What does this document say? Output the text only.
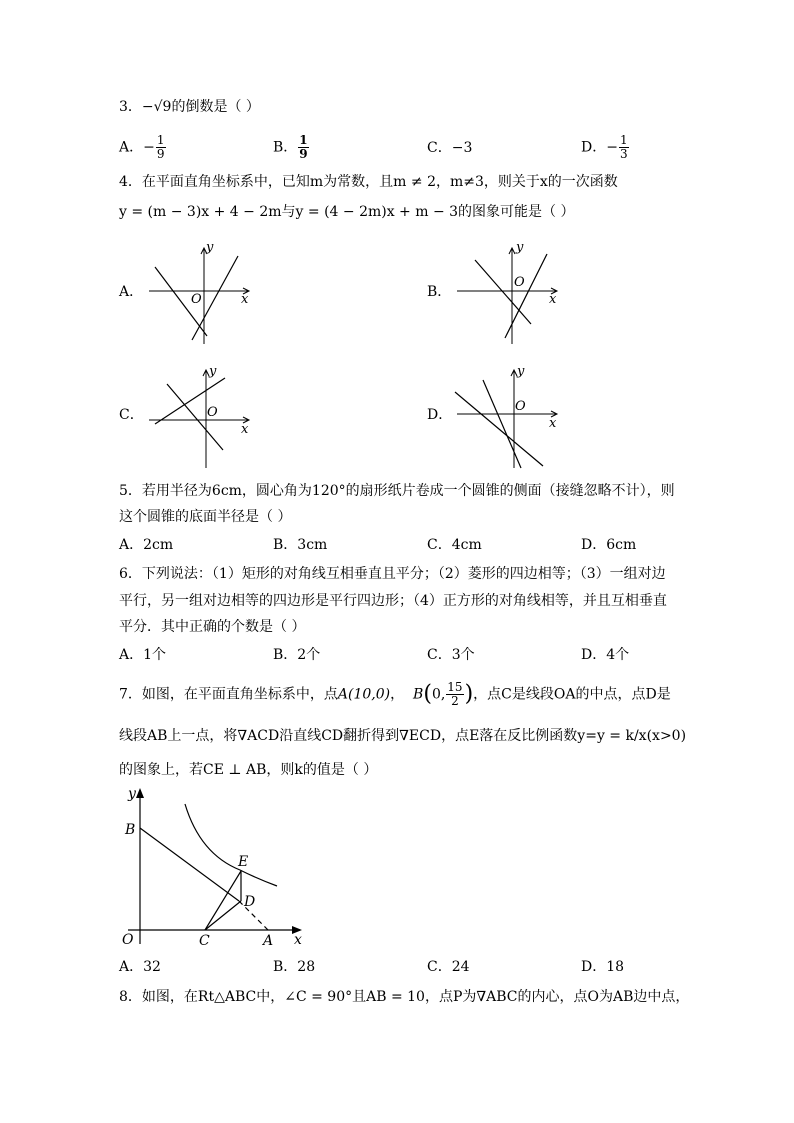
3．−√9的倒数是（ ）
A．− $\frac{1}{9}$	B． $\frac{1}{9}$	C．−3	D．− $\frac{1}{3}$
4．在平面直角坐标系中，已知m为常数，且m ≠ 2，m≠3，则关于x的一次函数
y = (m − 3)x + 4 − 2m与y = (4 − 2m)x + m − 3的图象可能是（ ）
A．
y
x
O	B．
y
x
O
C．
y
x
O	D．
y
x
O
5．若用半径为6cm，圆心角为120°的扇形纸片卷成一个圆锥的侧面（接缝忽略不计），则
这个圆锥的底面半径是（ ）
A．2cm	B．3cm	C．4cm	D．6cm
6．下列说法：（1）矩形的对角线互相垂直且平分；（2）菱形的四边相等；（3）一组对边
平行，另一组对边相等的四边形是平行四边形；（4）正方形的对角线相等，并且互相垂直
平分．其中正确的个数是（ ）
A．1个	B．2个	C．3个	D．4个
7．如图，在平面直角坐标系中，点A(10,0)， B(0, $\frac{15}{2}$ )，点C是线段OA的中点，点D是
线段AB上一点，将∇ACD沿直线CD翻折得到∇ECD，点E落在反比例函数y=y = k/x(x>0)
的图象上，若CE ⊥ AB，则k的值是（ ）
y
x
O
B
E
D
C	A
A．32	B．28	C．24	D．18
8．如图，在Rt△ABC中，∠C = 90°且AB = 10，点P为∇ABC的内心，点O为AB边中点，
